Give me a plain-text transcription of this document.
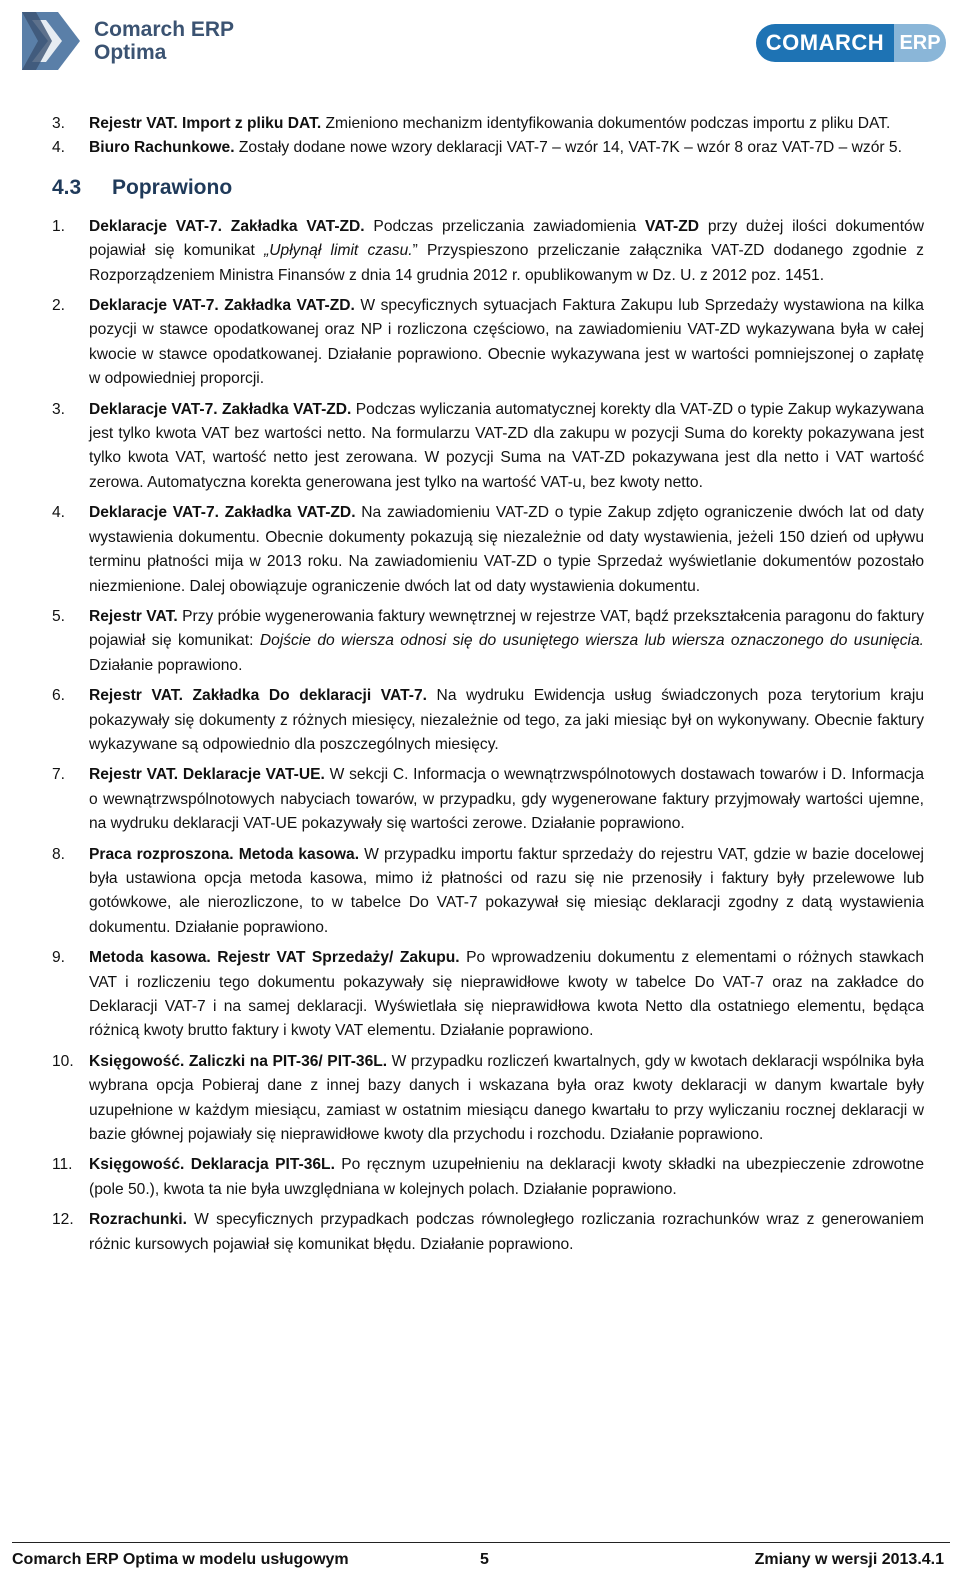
Comarch ERP
Optima	COMARCH ERP
3. Rejestr VAT. Import z pliku DAT. Zmieniono mechanizm identyfikowania dokumentów podczas importu z pliku DAT.
4. Biuro Rachunkowe. Zostały dodane nowe wzory deklaracji VAT-7 – wzór 14, VAT-7K – wzór 8 oraz VAT-7D – wzór 5.
4.3 Poprawiono
1. Deklaracje VAT-7. Zakładka VAT-ZD. Podczas przeliczania zawiadomienia VAT-ZD przy dużej ilości dokumentów pojawiał się komunikat „Upłynął limit czasu.” Przyspieszono przeliczanie załącznika VAT-ZD dodanego zgodnie z Rozporządzeniem Ministra Finansów z dnia 14 grudnia 2012 r. opublikowanym w Dz. U. z 2012 poz. 1451.
2. Deklaracje VAT-7. Zakładka VAT-ZD. W specyficznych sytuacjach Faktura Zakupu lub Sprzedaży wystawiona na kilka pozycji w stawce opodatkowanej oraz NP i rozliczona częściowo, na zawiadomieniu VAT-ZD wykazywana była w całej kwocie w stawce opodatkowanej. Działanie poprawiono. Obecnie wykazywana jest w wartości pomniejszonej o zapłatę w odpowiedniej proporcji.
3. Deklaracje VAT-7. Zakładka VAT-ZD. Podczas wyliczania automatycznej korekty dla VAT-ZD o typie Zakup wykazywana jest tylko kwota VAT bez wartości netto. Na formularzu VAT-ZD dla zakupu w pozycji Suma do korekty pokazywana jest tylko kwota VAT, wartość netto jest zerowana. W pozycji Suma na VAT-ZD pokazywana jest dla netto i VAT wartość zerowa. Automatyczna korekta generowana jest tylko na wartość VAT-u, bez kwoty netto.
4. Deklaracje VAT-7. Zakładka VAT-ZD. Na zawiadomieniu VAT-ZD o typie Zakup zdjęto ograniczenie dwóch lat od daty wystawienia dokumentu. Obecnie dokumenty pokazują się niezależnie od daty wystawienia, jeżeli 150 dzień od upływu terminu płatności mija w 2013 roku. Na zawiadomieniu VAT-ZD o typie Sprzedaż wyświetlanie dokumentów pozostało niezmienione. Dalej obowiązuje ograniczenie dwóch lat od daty wystawienia dokumentu.
5. Rejestr VAT. Przy próbie wygenerowania faktury wewnętrznej w rejestrze VAT, bądź przekształcenia paragonu do faktury pojawiał się komunikat: Dojście do wiersza odnosi się do usuniętego wiersza lub wiersza oznaczonego do usunięcia. Działanie poprawiono.
6. Rejestr VAT. Zakładka Do deklaracji VAT-7. Na wydruku Ewidencja usług świadczonych poza terytorium kraju pokazywały się dokumenty z różnych miesięcy, niezależnie od tego, za jaki miesiąc był on wykonywany. Obecnie faktury wykazywane są odpowiednio dla poszczególnych miesięcy.
7. Rejestr VAT. Deklaracje VAT-UE. W sekcji C. Informacja o wewnątrzwspólnotowych dostawach towarów i D. Informacja o wewnątrzwspólnotowych nabyciach towarów, w przypadku, gdy wygenerowane faktury przyjmowały wartości ujemne, na wydruku deklaracji VAT-UE pokazywały się wartości zerowe. Działanie poprawiono.
8. Praca rozproszona. Metoda kasowa. W przypadku importu faktur sprzedaży do rejestru VAT, gdzie w bazie docelowej była ustawiona opcja metoda kasowa, mimo iż płatności od razu się nie przenosiły i faktury były przelewowe lub gotówkowe, ale nierozliczone, to w tabelce Do VAT-7 pokazywał się miesiąc deklaracji zgodny z datą wystawienia dokumentu. Działanie poprawiono.
9. Metoda kasowa. Rejestr VAT Sprzedaży/ Zakupu. Po wprowadzeniu dokumentu z elementami o różnych stawkach VAT i rozliczeniu tego dokumentu pokazywały się nieprawidłowe kwoty w tabelce Do VAT-7 oraz na zakładce do Deklaracji VAT-7 i na samej deklaracji. Wyświetlała się nieprawidłowa kwota Netto dla ostatniego elementu, będąca różnicą kwoty brutto faktury i kwoty VAT elementu. Działanie poprawiono.
10. Księgowość. Zaliczki na PIT-36/ PIT-36L. W przypadku rozliczeń kwartalnych, gdy w kwotach deklaracji wspólnika była wybrana opcja Pobieraj dane z innej bazy danych i wskazana była oraz kwoty deklaracji w danym kwartale były uzupełnione w każdym miesiącu, zamiast w ostatnim miesiącu danego kwartału to przy wyliczaniu rocznej deklaracji w bazie głównej pojawiały się nieprawidłowe kwoty dla przychodu i rozchodu. Działanie poprawiono.
11. Księgowość. Deklaracja PIT-36L. Po ręcznym uzupełnieniu na deklaracji kwoty składki na ubezpieczenie zdrowotne (pole 50.), kwota ta nie była uwzględniana w kolejnych polach. Działanie poprawiono.
12. Rozrachunki. W specyficznych przypadkach podczas równoległego rozliczania rozrachunków wraz z generowaniem różnic kursowych pojawiał się komunikat błędu. Działanie poprawiono.
Comarch ERP Optima w modelu usługowym	5	Zmiany w wersji 2013.4.1
